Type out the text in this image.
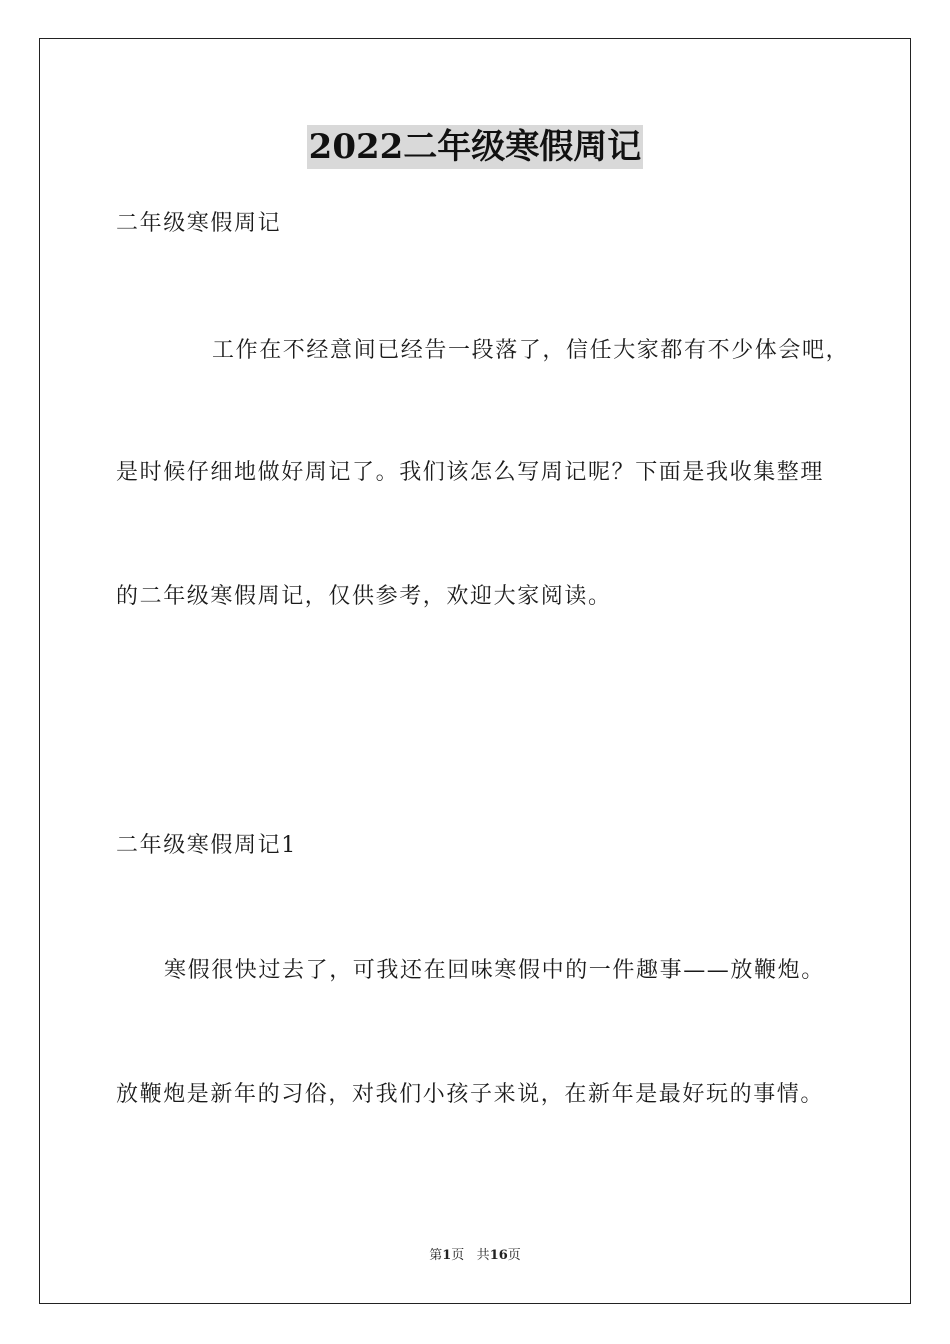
2022二年级寒假周记
二年级寒假周记
工作在不经意间已经告一段落了，信任大家都有不少体会吧，
是时候仔细地做好周记了。我们该怎么写周记呢？下面是我收集整理
的二年级寒假周记，仅供参考，欢迎大家阅读。
二年级寒假周记1
寒假很快过去了，可我还在回味寒假中的一件趣事——放鞭炮。
放鞭炮是新年的习俗，对我们小孩子来说，在新年是最好玩的事情。
第1页 共16页
